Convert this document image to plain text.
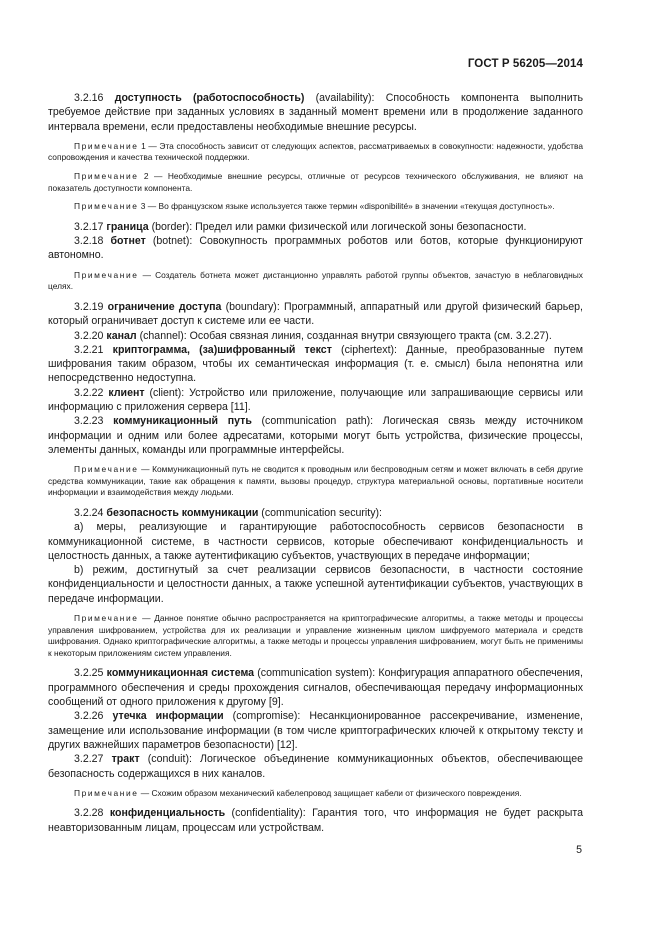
ГОСТ Р 56205—2014

3.2.16 доступность (работоспособность) (availability): Способность компонента выполнить требуемое действие при заданных условиях в заданный момент времени или в продолжение заданного интервала времени, если предоставлены необходимые внешние ресурсы.

Примечание 1 — Эта способность зависит от следующих аспектов, рассматриваемых в совокупности: надежности, удобства сопровождения и качества технической поддержки.

Примечание 2 — Необходимые внешние ресурсы, отличные от ресурсов технического обслуживания, не влияют на показатель доступности компонента.

Примечание 3 — Во французском языке используется также термин «disponibilité» в значении «текущая доступность».

3.2.17 граница (border): Предел или рамки физической или логической зоны безопасности.

3.2.18 ботнет (botnet): Совокупность программных роботов или ботов, которые функционируют автономно.

Примечание — Создатель ботнета может дистанционно управлять работой группы объектов, зачастую в неблаговидных целях.

3.2.19 ограничение доступа (boundary): Программный, аппаратный или другой физический барьер, который ограничивает доступ к системе или ее части.

3.2.20 канал (channel): Особая связная линия, созданная внутри связующего тракта (см. 3.2.27).

3.2.21 криптограмма, (за)шифрованный текст (ciphertext): Данные, преобразованные путем шифрования таким образом, чтобы их семантическая информация (т. е. смысл) была непонятна или непосредственно недоступна.

3.2.22 клиент (client): Устройство или приложение, получающие или запрашивающие сервисы или информацию с приложения сервера [11].

3.2.23 коммуникационный путь (communication path): Логическая связь между источником информации и одним или более адресатами, которыми могут быть устройства, физические процессы, элементы данных, команды или программные интерфейсы.

Примечание — Коммуникационный путь не сводится к проводным или беспроводным сетям и может включать в себя другие средства коммуникации, такие как обращения к памяти, вызовы процедур, структура материальной основы, портативные носители информации и взаимодействия между людьми.

3.2.24 безопасность коммуникации (communication security):

a) меры, реализующие и гарантирующие работоспособность сервисов безопасности в коммуникационной системе, в частности сервисов, которые обеспечивают конфиденциальность и целостность данных, а также аутентификацию субъектов, участвующих в передаче информации;

b) режим, достигнутый за счет реализации сервисов безопасности, в частности состояние конфиденциальности и целостности данных, а также успешной аутентификации субъектов, участвующих в передаче информации.

Примечание — Данное понятие обычно распространяется на криптографические алгоритмы, а также методы и процессы управления шифрованием, устройства для их реализации и управление жизненным циклом шифруемого материала и средств шифрования. Однако криптографические алгоритмы, а также методы и процессы управления шифрованием, могут быть не применимы к некоторым приложениям систем управления.

3.2.25 коммуникационная система (communication system): Конфигурация аппаратного обеспечения, программного обеспечения и среды прохождения сигналов, обеспечивающая передачу информационных сообщений от одного приложения к другому [9].

3.2.26 утечка информации (compromise): Несанкционированное рассекречивание, изменение, замещение или использование информации (в том числе криптографических ключей к открытому тексту и других важнейших параметров безопасности) [12].

3.2.27 тракт (conduit): Логическое объединение коммуникационных объектов, обеспечивающее безопасность содержащихся в них каналов.

Примечание — Схожим образом механический кабелепровод защищает кабели от физического повреждения.

3.2.28 конфиденциальность (confidentiality): Гарантия того, что информация не будет раскрыта неавторизованным лицам, процессам или устройствам.

5
